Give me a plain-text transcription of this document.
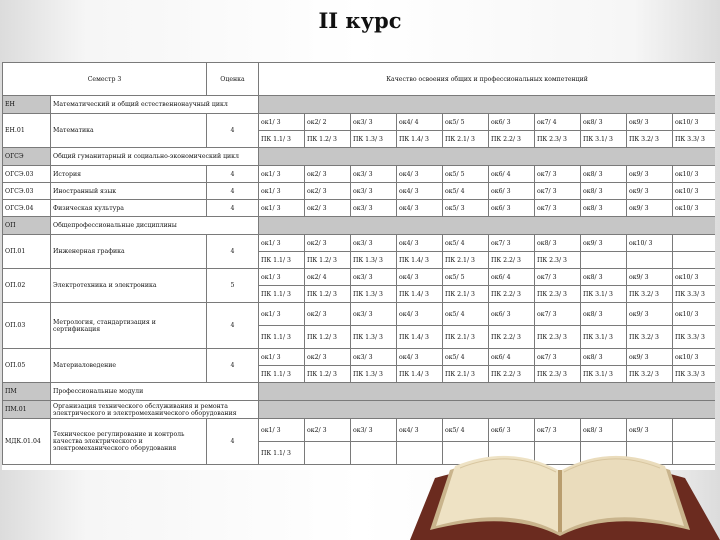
II курс
Семестр 3		Оценка	Качество освоения общих и профессиональных компетенций									
ЕН	Математический и общий естественнонаучный цикл											
ЕН.01	Математика	4	ок1/ 3	ок2/ 2	ок3/ 3	ок4/ 4	ок5/ 5	ок6/ 3	ок7/ 4	ок8/ 3	ок9/ 3	ок10/ 3
			ПК 1.1/ 3	ПК 1.2/ 3	ПК 1.3/ 3	ПК 1.4/ 3	ПК 2.1/ 3	ПК 2.2/ 3	ПК 2.3/ 3	ПК 3.1/ 3	ПК 3.2/ 3	ПК 3.3/ 3
ОГСЭ	Общий гуманитарный и социально-экономический цикл											
ОГСЭ.03	История	4	ок1/ 3	ок2/ 3	ок3/ 3	ок4/ 3	ок5/ 5	ок6/ 4	ок7/ 3	ок8/ 3	ок9/ 3	ок10/ 3
ОГСЭ.03	Иностранный язык	4	ок1/ 3	ок2/ 3	ок3/ 3	ок4/ 3	ок5/ 4	ок6/ 3	ок7/ 3	ок8/ 3	ок9/ 3	ок10/ 3
ОГСЭ.04	Физическая культура	4	ок1/ 3	ок2/ 3	ок3/ 3	ок4/ 3	ок5/ 3	ок6/ 3	ок7/ 3	ок8/ 3	ок9/ 3	ок10/ 3
ОП	Общепрофессиональные дисциплины											
ОП.01	Инженерная графика	4	ок1/ 3	ок2/ 3	ок3/ 3	ок4/ 3	ок5/ 4	ок7/ 3	ок8/ 3	ок9/ 3	ок10/ 3	
			ПК 1.1/ 3	ПК 1.2/ 3	ПК 1.3/ 3	ПК 1.4/ 3	ПК 2.1/ 3	ПК 2.2/ 3	ПК 2.3/ 3			
ОП.02	Электротехника и электроника	5	ок1/ 3	ок2/ 4	ок3/ 3	ок4/ 3	ок5/ 5	ок6/ 4	ок7/ 3	ок8/ 3	ок9/ 3	ок10/ 3
			ПК 1.1/ 3	ПК 1.2/ 3	ПК 1.3/ 3	ПК 1.4/ 3	ПК 2.1/ 3	ПК 2.2/ 3	ПК 2.3/ 3	ПК 3.1/ 3	ПК 3.2/ 3	ПК 3.3/ 3
ОП.03	Метрология, стандартизация и сертификация	4	ок1/ 3	ок2/ 3	ок3/ 3	ок4/ 3	ок5/ 4	ок6/ 3	ок7/ 3	ок8/ 3	ок9/ 3	ок10/ 3
			ПК 1.1/ 3	ПК 1.2/ 3	ПК 1.3/ 3	ПК 1.4/ 3	ПК 2.1/ 3	ПК 2.2/ 3	ПК 2.3/ 3	ПК 3.1/ 3	ПК 3.2/ 3	ПК 3.3/ 3
ОП.05	Материаловедение	4	ок1/ 3	ок2/ 3	ок3/ 3	ок4/ 3	ок5/ 4	ок6/ 4	ок7/ 3	ок8/ 3	ок9/ 3	ок10/ 3
			ПК 1.1/ 3	ПК 1.2/ 3	ПК 1.3/ 3	ПК 1.4/ 3	ПК 2.1/ 3	ПК 2.2/ 3	ПК 2.3/ 3	ПК 3.1/ 3	ПК 3.2/ 3	ПК 3.3/ 3
ПМ	Профессиональные модули											
ПМ.01	Организация технического обслуживания и ремонта электрического и электромеханического оборудования											
МДК.01.04	Техническое регулирование и контроль качества электрического и электромеханического оборудования	4	ок1/ 3	ок2/ 3	ок3/ 3	ок4/ 3	ок5/ 4	ок6/ 3	ок7/ 3	ок8/ 3	ок9/ 3	
			ПК 1.1/ 3									
